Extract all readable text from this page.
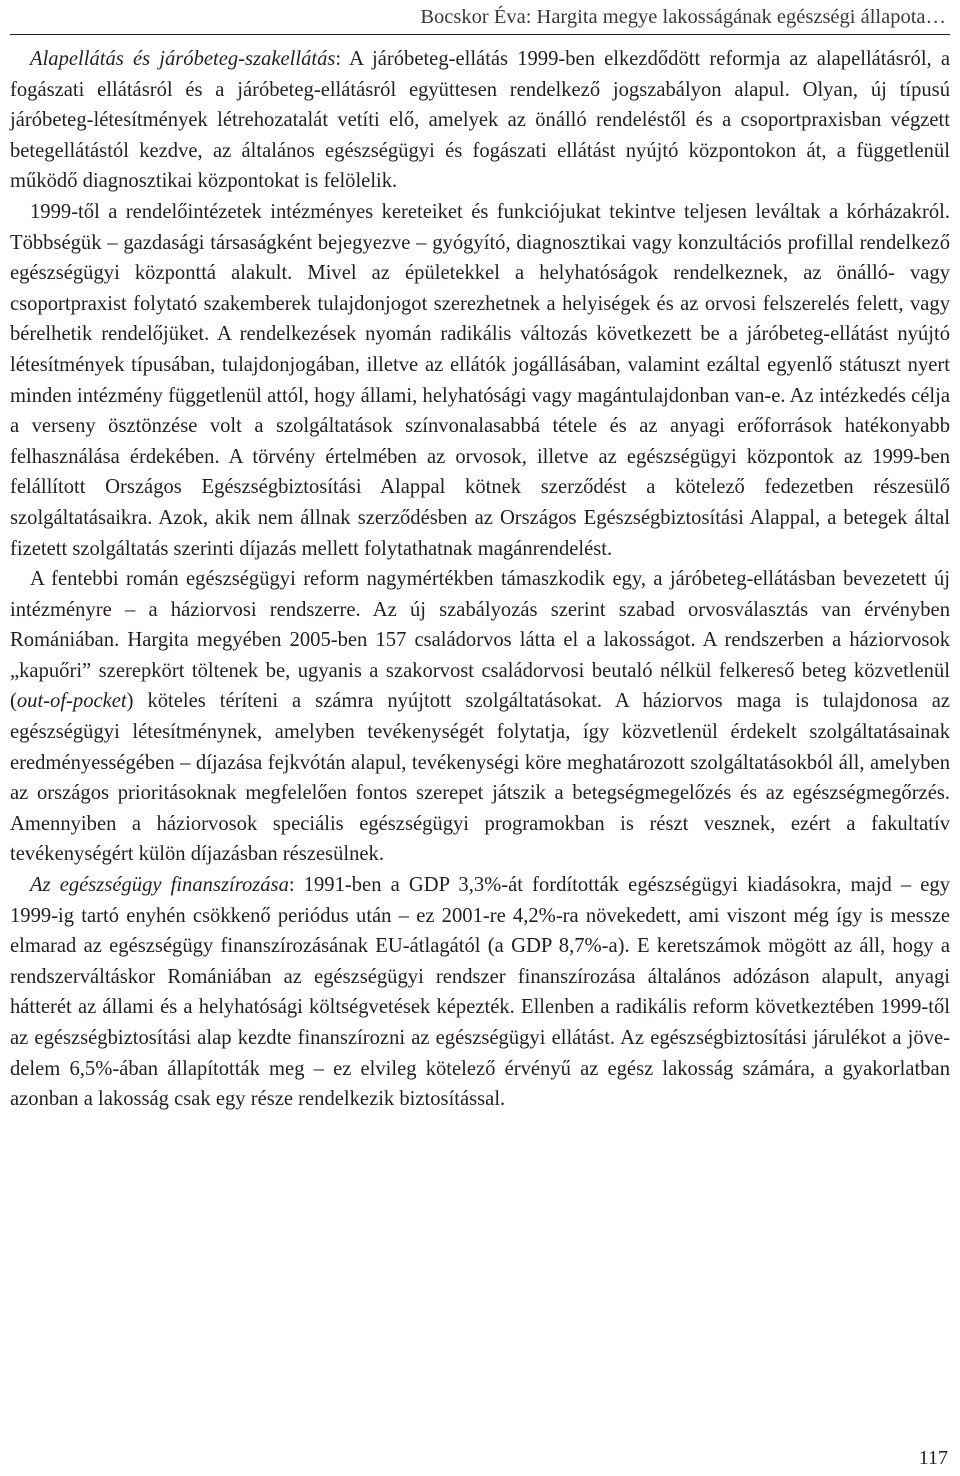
Bocskor Éva: Hargita megye lakosságának egészségi állapota…

Alapellátás és járóbeteg-szakellátás: A járóbeteg-ellátás 1999-ben elkezdődött reformja az alapellátásról, a fogászati ellátásról és a járóbeteg-ellátásról együttesen rendelkező jogszabályon alapul. Olyan, új típusú járóbeteg-létesítmények létrehozatalát vetíti elő, amelyek az önálló rendeléstől és a csoportpraxisban végzett betegellátástól kezdve, az általános egészségügyi és fogászati ellátást nyújtó központokon át, a függetlenül működő diagnosztikai központokat is felölelik.

1999-től a rendelőintézetek intézményes kereteiket és funkciójukat tekintve teljesen leváltak a kórházakról. Többségük – gazdasági társaságként bejegyezve – gyógyító, diagnosztikai vagy konzultációs profillal rendelkező egészségügyi központtá alakult. Mivel az épületekkel a helyhatóságok rendelkeznek, az önálló- vagy csoportpraxist folytató szakemberek tulajdonjogot szerezhetnek a helyiségek és az orvosi felszerelés felett, vagy bérelhetik rendelőjüket. A rendelkezések nyomán radikális változás következett be a járóbeteg-ellátást nyújtó létesítmények típusában, tulajdonjogában, illetve az ellátók jogállásában, valamint ezáltal egyenlő státuszt nyert minden intézmény függetlenül attól, hogy állami, helyhatósági vagy magántulajdonban van-e. Az intézkedés célja a verseny ösztönzése volt a szolgáltatások színvonalasabbá tétele és az anyagi erőforrások hatékonyabb felhasználása érdekében. A törvény értelmében az orvosok, illetve az egészségügyi központok az 1999-ben felállított Országos Egészségbiztosítási Alappal kötnek szerződést a kötelező fedezetben részesülő szolgáltatásaikra. Azok, akik nem állnak szerződésben az Országos Egészségbiztosítási Alappal, a betegek által fizetett szolgáltatás szerinti díjazás mellett folytathatnak magánrendelést.

A fentebbi román egészségügyi reform nagymértékben támaszkodik egy, a járóbeteg-ellátásban bevezetett új intézményre – a háziorvosi rendszerre. Az új szabályozás szerint szabad orvosválasztás van érvényben Romániában. Hargita megyében 2005-ben 157 családorvos látta el a lakosságot. A rendszerben a háziorvosok „kapuőri” szerepkört töltenek be, ugyanis a szakorvost családorvosi beutaló nélkül felkereső beteg közvetlenül (out-of-pocket) köteles téríteni a számra nyújtott szolgáltatásokat. A háziorvos maga is tulajdonosa az egészségügyi létesítménynek, amelyben tevékenységét folytatja, így közvetlenül érdekelt szolgáltatásainak eredményességében – díjazása fejkvótán alapul, tevékenységi köre meghatározott szolgáltatásokból áll, amelyben az országos prioritásoknak megfelelően fontos szerepet játszik a betegségmegelőzés és az egészségmegőrzés. Amennyiben a háziorvosok speciális egészségügyi programokban is részt vesznek, ezért a fakultatív tevékenységért külön díjazásban részesülnek.

Az egészségügy finanszírozása: 1991-ben a GDP 3,3%-át fordították egészségügyi kiadásokra, majd – egy 1999-ig tartó enyhén csökkenő periódus után – ez 2001-re 4,2%-ra növekedett, ami viszont még így is messze elmarad az egészségügy finanszírozásának EU-átlagától (a GDP 8,7%-a). E keretszámok mögött az áll, hogy a rendszerváltáskor Romániában az egészségügyi rendszer finanszírozása általános adózáson alapult, anyagi hátterét az állami és a helyhatósági költségvetések képezték. Ellenben a radikális reform következtében 1999-től az egészségbiztosítási alap kezdte finanszírozni az egészségügyi ellátást. Az egészségbiztosítási járulékot a jövedelem 6,5%-ában állapították meg – ez elvileg kötelező érvényű az egész lakosság számára, a gyakorlatban azonban a lakosság csak egy része rendelkezik biztosítással.

117
